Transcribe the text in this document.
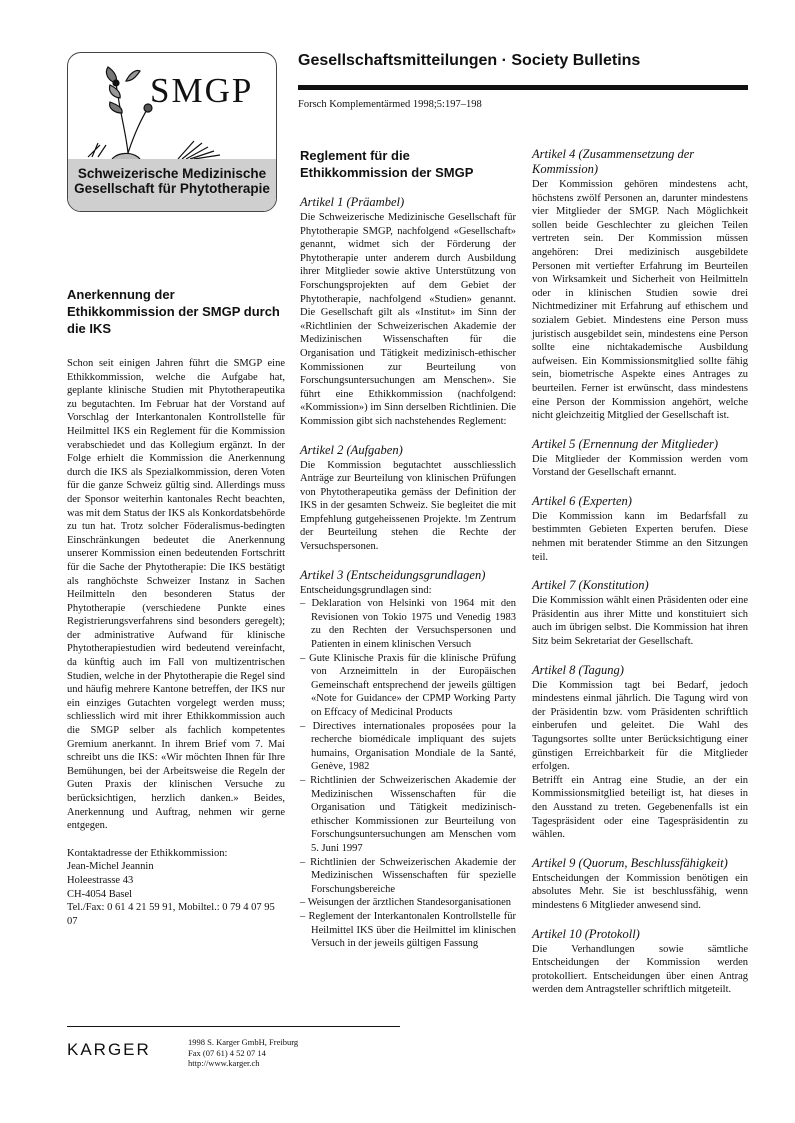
SMGP
Schweizerische Medizinische
Gesellschaft für Phytotherapie
Gesellschaftsmitteilungen · Society Bulletins
Forsch Komplementärmed 1998;5:197–198
Anerkennung der Ethikkommission der SMGP durch die IKS

Schon seit einigen Jahren führt die SMGP eine Ethikkommission, welche die Aufgabe hat, geplante klinische Studien mit Phytotherapeutika zu begutachten. Im Februar hat der Vorstand auf Vorschlag der Interkantonalen Kontrollstelle für Heilmittel IKS ein Reglement für die Kommission verabschiedet und das Kollegium ergänzt. In der Folge erhielt die Kommission die Anerkennung durch die IKS als Spezialkommission, deren Voten für die ganze Schweiz gültig sind. Allerdings muss der Sponsor weiterhin kantonales Recht beachten, was mit dem Status der IKS als Konkordatsbehörde zu tun hat. Trotz solcher Föderalismus-bedingten Einschränkungen bedeutet die Anerkennung unserer Kommission einen bedeutenden Fortschritt für die Sache der Phytotherapie: Die IKS bestätigt als ranghöchste Schweizer Instanz in Sachen Heilmitteln den besonderen Status der Phytotherapie (verschiedene Punkte eines Registrierungsverfahrens sind besonders geregelt); der administrative Aufwand für klinische Phytotherapiestudien wird bedeutend vereinfacht, da künftig auch im Fall von multizentrischen Studien, welche in der Phytotherapie die Regel sind und häufig mehrere Kantone betreffen, der IKS nur ein einziges Gutachten vorgelegt werden muss; schliesslich wird mit ihrer Ethikkommission auch die SMGP selber als fachlich kompetentes Gremium anerkannt. In ihrem Brief vom 7. Mai schreibt uns die IKS: «Wir möchten Ihnen für Ihre Bemühungen, bei der Arbeitsweise die Regeln der Guten Praxis der klinischen Versuche zu berücksichtigen, herzlich danken.» Beides, Anerkennung und Auftrag, nehmen wir gerne entgegen.

Kontaktadresse der Ethikkommission:
Jean-Michel Jeannin
Holeestrasse 43
CH-4054 Basel
Tel./Fax: 0 61 4 21 59 91, Mobiltel.: 0 79 4 07 95 07
Reglement für die Ethikkommission der SMGP
Artikel 1 (Präambel)

Die Schweizerische Medizinische Gesellschaft für Phytotherapie SMGP, nachfolgend «Gesellschaft» genannt, widmet sich der Förderung der Phytotherapie unter anderem durch Ausbildung ihrer Mitglieder sowie aktive Unterstützung von Forschungsprojekten auf dem Gebiet der Phytotherapie, nachfolgend «Studien» genannt. Die Gesellschaft gilt als «Institut» im Sinn der «Richtlinien der Schweizerischen Akademie der Medizinischen Wissenschaften für die Organisation und Tätigkeit medizinisch-ethischer Kommissionen zur Beurteilung von Forschungsuntersuchungen am Menschen». Sie führt eine Ethikkommission (nachfolgend: «Kommission») im Sinn derselben Richtlinien. Die Kommission gibt sich nachstehendes Reglement:

Artikel 2 (Aufgaben)

Die Kommission begutachtet ausschliesslich Anträge zur Beurteilung von klinischen Prüfungen von Phytotherapeutika gemäss der Definition der IKS in der gesamten Schweiz. Sie begleitet die mit Empfehlung gutgeheissenen Projekte. !m Zentrum der Beurteilung stehen die Rechte der Versuchspersonen.

Artikel 3 (Entscheidungsgrundlagen)

Entscheidungsgrundlagen sind:

– Deklaration von Helsinki von 1964 mit den Revisionen von Tokio 1975 und Venedig 1983 zu den Rechten der Versuchspersonen und Patienten in einem klinischen Versuch

– Gute Klinische Praxis für die klinische Prüfung von Arzneimitteln in der Europäischen Gemeinschaft entsprechend der jeweils gültigen «Note for Guidance» der CPMP Working Party on Effcacy of Medicinal Products

– Directives internationales proposées pour la recherche biomédicale impliquant des sujets humains, Organisation Mondiale de la Santé, Genève, 1982

– Richtlinien der Schweizerischen Akademie der Medizinischen Wissenschaften für die Organisation und Tätigkeit medizinisch-ethischer Kommissionen zur Beurteilung von Forschungsuntersuchungen am Menschen vom 5. Juni 1997

– Richtlinien der Schweizerischen Akademie der Medizinischen Wissenschaften für spezielle Forschungsbereiche

– Weisungen der ärztlichen Standesorganisationen

– Reglement der Interkantonalen Kontrollstelle für Heilmittel IKS über die Heilmittel im klinischen Versuch in der jeweils gültigen Fassung

Artikel 4 (Zusammensetzung der Kommission)

Der Kommission gehören mindestens acht, höchstens zwölf Personen an, darunter mindestens vier Mitglieder der SMGP. Nach Möglichkeit sollen beide Geschlechter zu gleichen Teilen vertreten sein. Der Kommission müssen angehören: Drei medizinisch ausgebildete Personen mit vertiefter Erfahrung im Beurteilen von Wirksamkeit und Sicherheit von Heilmitteln oder in klinischen Studien sowie drei Nichtmediziner mit Erfahrung auf ethischem und sozialem Gebiet. Mindestens eine Person muss juristisch ausgebildet sein, mindestens eine Person sollte eine nichtakademische Ausbildung aufweisen. Ein Kommissionsmitglied sollte fähig sein, biometrische Aspekte eines Antrages zu beurteilen. Ferner ist erwünscht, dass mindestens eine Person der Kommission angehört, welche nicht gleichzeitig Mitglied der Gesellschaft ist.

Artikel 5 (Ernennung der Mitglieder)

Die Mitglieder der Kommission werden vom Vorstand der Gesellschaft ernannt.

Artikel 6 (Experten)

Die Kommission kann im Bedarfsfall zu bestimmten Gebieten Experten berufen. Diese nehmen mit beratender Stimme an den Sitzungen teil.

Artikel 7 (Konstitution)

Die Kommission wählt einen Präsidenten oder eine Präsidentin aus ihrer Mitte und konstituiert sich auch im übrigen selbst. Die Kommission hat ihren Sitz beim Sekretariat der Gesellschaft.

Artikel 8 (Tagung)

Die Kommission tagt bei Bedarf, jedoch mindestens einmal jährlich. Die Tagung wird von der Präsidentin bzw. vom Präsidenten schriftlich einberufen und geleitet. Die Wahl des Tagungsortes sollte unter Berücksichtigung einer günstigen Erreichbarkeit für die Mitglieder erfolgen.

Betrifft ein Antrag eine Studie, an der ein Kommissionsmitglied beteiligt ist, hat dieses in den Ausstand zu treten. Gegebenenfalls ist ein Tagespräsident oder eine Tagespräsidentin zu wählen.

Artikel 9 (Quorum, Beschlussfähigkeit)

Entscheidungen der Kommission benötigen ein absolutes Mehr. Sie ist beschlussfähig, wenn mindestens 6 Mitglieder anwesend sind.

Artikel 10 (Protokoll)

Die Verhandlungen sowie sämtliche Entscheidungen der Kommission werden protokolliert. Entscheidungen über einen Antrag werden dem Antragsteller schriftlich mitgeteilt.

KARGER	1998 S. Karger GmbH, Freiburg
Fax (07 61) 4 52 07 14
http://www.karger.ch
